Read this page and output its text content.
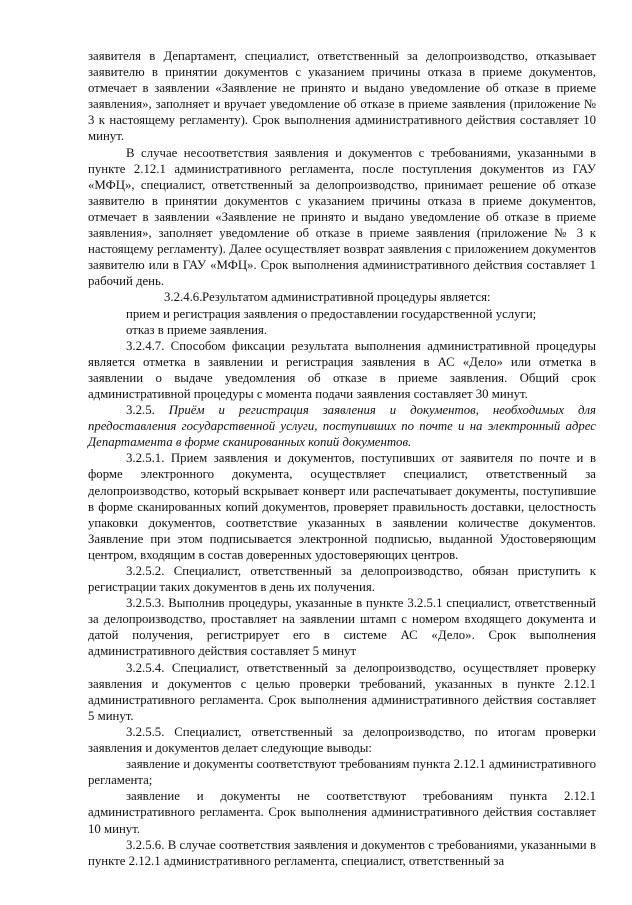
заявителя в Департамент, специалист, ответственный за делопроизводство, отказывает заявителю в принятии документов с указанием причины отказа в приеме документов, отмечает в заявлении «Заявление не принято и выдано уведомление об отказе в приеме заявления», заполняет и вручает уведомление об отказе в приеме заявления (приложение № 3 к настоящему регламенту). Срок выполнения административного действия составляет 10 минут.

В случае несоответствия заявления и документов с требованиями, указанными в пункте 2.12.1 административного регламента, после поступления документов из ГАУ «МФЦ», специалист, ответственный за делопроизводство, принимает решение об отказе заявителю в принятии документов с указанием причины отказа в приеме документов, отмечает в заявлении «Заявление не принято и выдано уведомление об отказе в приеме заявления», заполняет уведомление об отказе в приеме заявления (приложение № 3 к настоящему регламенту). Далее осуществляет возврат заявления с приложением документов заявителю или в ГАУ «МФЦ». Срок выполнения административного действия составляет 1 рабочий день.

3.2.4.6.Результатом административной процедуры является:

прием и регистрация заявления о предоставлении государственной услуги;

отказ в приеме заявления.

3.2.4.7. Способом фиксации результата выполнения административной процедуры является отметка в заявлении и регистрация заявления в АС «Дело» или отметка в заявлении о выдаче уведомления об отказе в приеме заявления. Общий срок административной процедуры с момента подачи заявления составляет 30 минут.

3.2.5. Приём и регистрация заявления и документов, необходимых для предоставления государственной услуги, поступивших по почте и на электронный адрес Департамента в форме сканированных копий документов.

3.2.5.1. Прием заявления и документов, поступивших от заявителя по почте и в форме электронного документа, осуществляет специалист, ответственный за делопроизводство, который вскрывает конверт или распечатывает документы, поступившие в форме сканированных копий документов, проверяет правильность доставки, целостность упаковки документов, соответствие указанных в заявлении количестве документов. Заявление при этом подписывается электронной подписью, выданной Удостоверяющим центром, входящим в состав доверенных удостоверяющих центров.

3.2.5.2. Специалист, ответственный за делопроизводство, обязан приступить к регистрации таких документов в день их получения.

3.2.5.3. Выполнив процедуры, указанные в пункте 3.2.5.1 специалист, ответственный за делопроизводство, проставляет на заявлении штамп с номером входящего документа и датой получения, регистрирует его в системе АС «Дело». Срок выполнения административного действия составляет 5 минут

3.2.5.4. Специалист, ответственный за делопроизводство, осуществляет проверку заявления и документов с целью проверки требований, указанных в пункте 2.12.1 административного регламента. Срок выполнения административного действия составляет 5 минут.

3.2.5.5. Специалист, ответственный за делопроизводство, по итогам проверки заявления и документов делает следующие выводы:

заявление и документы соответствуют требованиям пункта 2.12.1 административного регламента;

заявление и документы не соответствуют требованиям пункта 2.12.1 административного регламента. Срок выполнения административного действия составляет 10 минут.

3.2.5.6. В случае соответствия заявления и документов с требованиями, указанными в пункте 2.12.1 административного регламента, специалист, ответственный за
